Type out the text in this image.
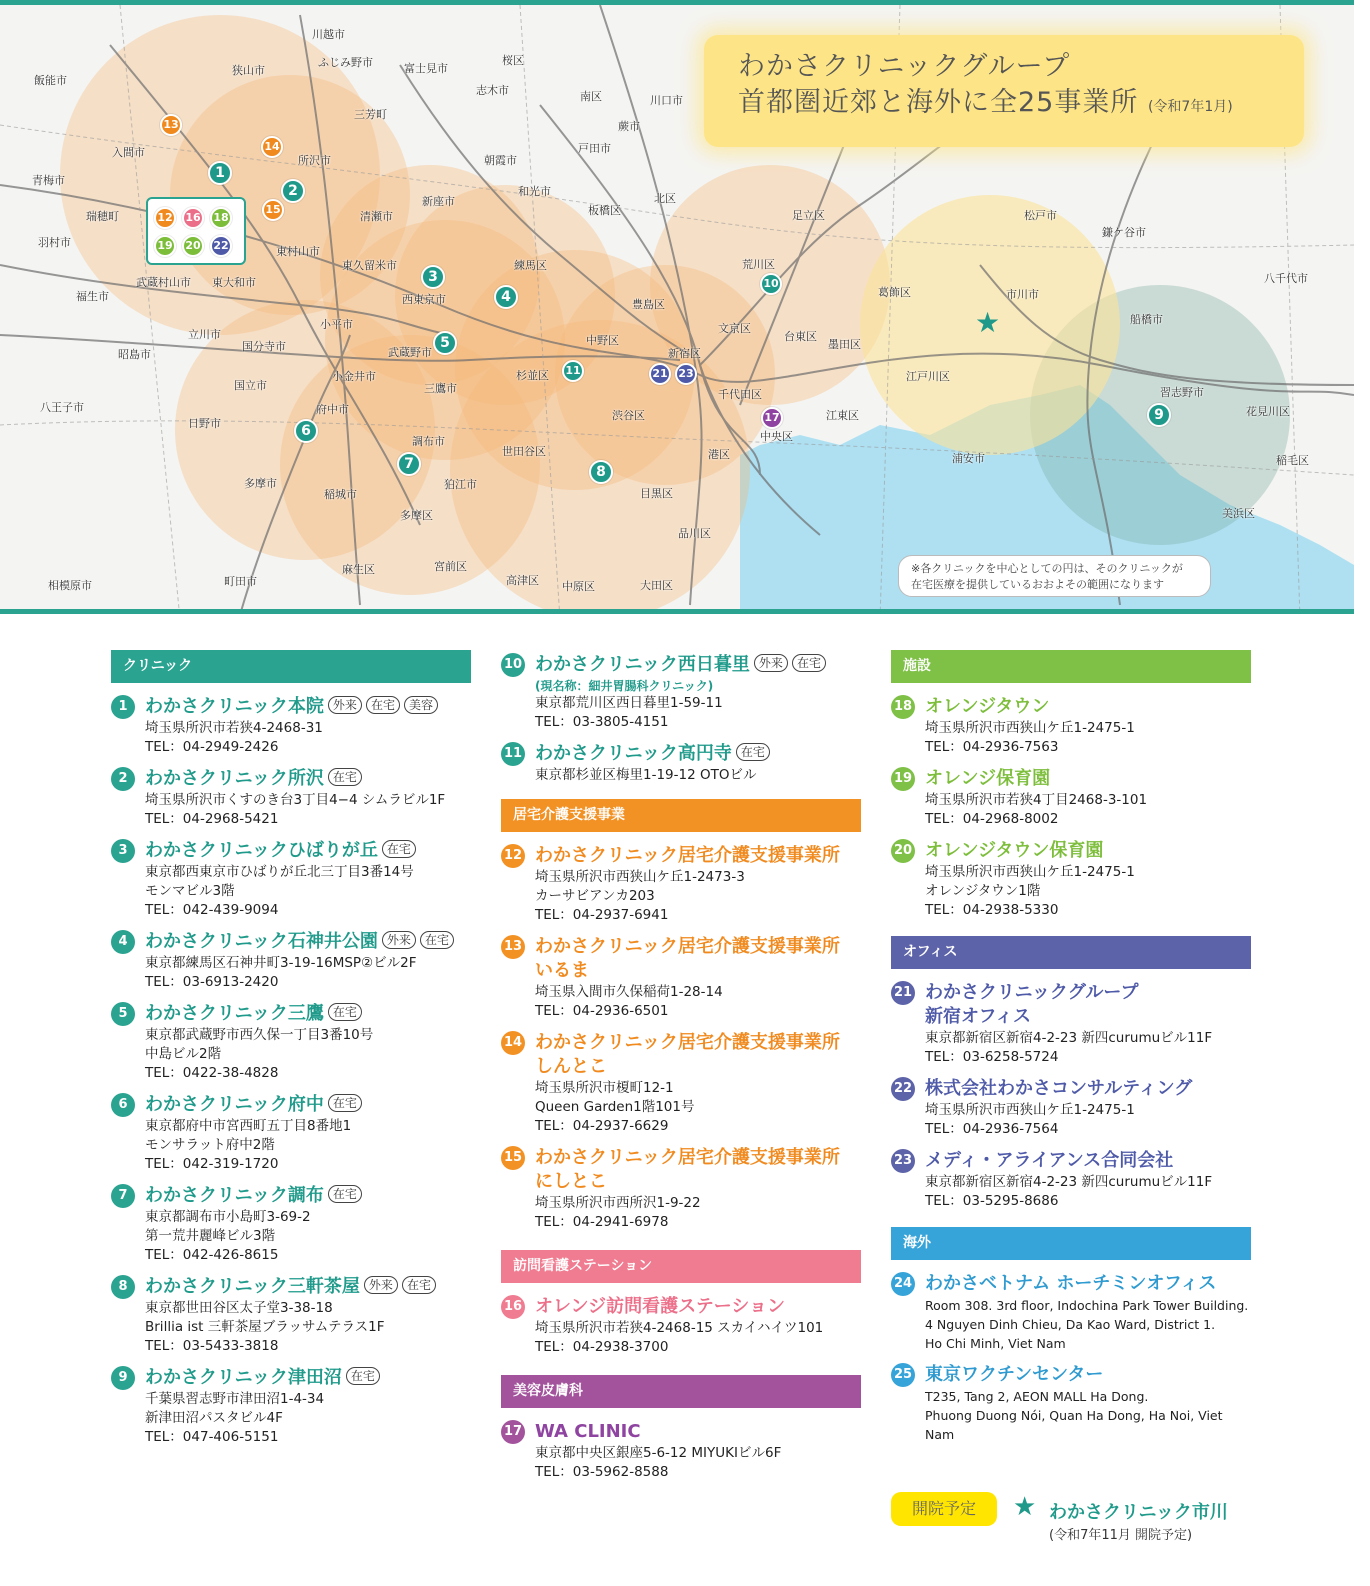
川越市
ふじみ野市	富士見市
桜区
飯能市
狭山市
三芳町
志木市	南区	川口市
蕨市
入間市
所沢市	朝霞市
戸田市
青梅市
瑞穂町	清瀬市
新座市
和光市
板橋区
北区
足立区	松戸市
鎌ケ谷市
羽村市
東村山市
東久留米市	練馬区	荒川区
葛飾区	市川市
八千代市
福生市
武蔵村山市 東大和市
西東京市	豊島区
船橋市
昭島市
立川市
小平市
中野区
文京区
台東区
墨田区
国分寺市	武蔵野市
杉並区
新宿区
千代田区
江戸川区
習志野市
八王子市
国立市
小金井市
三鷹市
府中市	渋谷区
中央区
江東区	花見川区
日野市
調布市
世田谷区	港区	浦安市	稲毛区
多摩市
稲城市
狛江市
目黒区
多摩区
品川区
美浜区
相模原市	町田市
麻生区	宮前区
高津区 中原区	大田区
わかさクリニックグループ
首都圏近郊と海外に全25事業所 (令和7年1月)
1
2
3
4
5
6
7	8
9
10
11
13
14
15
17
21 23
12	16	18
19	20	22
★
※各クリニックを中心としての円は、そのクリニックが
在宅医療を提供しているおおよその範囲になります
クリニック
1 わかさクリニック本院 外来 在宅 美容
埼玉県所沢市若狭4-2468-31
TEL：04-2949-2426
2 わかさクリニック所沢 在宅
埼玉県所沢市くすのき台3丁目4−4 シムラビル1F
TEL：04-2968-5421
3 わかさクリニックひばりが丘 在宅
東京都西東京市ひばりが丘北三丁目3番14号
モンマビル3階
TEL：042-439-9094
4 わかさクリニック石神井公園 外来 在宅
東京都練馬区石神井町3-19-16MSP②ビル2F
TEL：03-6913-2420
5 わかさクリニック三鷹 在宅
東京都武蔵野市西久保一丁目3番10号
中島ビル2階
TEL：0422-38-4828
6 わかさクリニック府中 在宅
東京都府中市宮西町五丁目8番地1
モンサラット府中2階
TEL：042-319-1720
7 わかさクリニック調布 在宅
東京都調布市小島町3-69-2
第一荒井麗峰ビル3階
TEL：042-426-8615
8 わかさクリニック三軒茶屋 外来 在宅
東京都世田谷区太子堂3-38-18
Brillia ist 三軒茶屋ブラッサムテラス1F
TEL：03-5433-3818
9 わかさクリニック津田沼 在宅
千葉県習志野市津田沼1-4-34
新津田沼パスタビル4F
TEL：047-406-5151
10 わかさクリニック西日暮里 外来 在宅
(現名称：細井胃腸科クリニック)
東京都荒川区西日暮里1-59-11
TEL：03-3805-4151
11 わかさクリニック高円寺 在宅
東京都杉並区梅里1-19-12 OTOビル
居宅介護支援事業
12 わかさクリニック居宅介護支援事業所
埼玉県所沢市西狭山ケ丘1-2473-3
カーサビアンカ203
TEL：04-2937-6941
13 わかさクリニック居宅介護支援事業所
いるま
埼玉県入間市久保稲荷1-28-14
TEL：04-2936-6501
14 わかさクリニック居宅介護支援事業所
しんとこ
埼玉県所沢市榎町12-1
Queen Garden1階101号
TEL：04-2937-6629
15 わかさクリニック居宅介護支援事業所
にしとこ
埼玉県所沢市西所沢1-9-22
TEL：04-2941-6978
訪問看護ステーション
16 オレンジ訪問看護ステーション
埼玉県所沢市若狭4-2468-15 スカイハイツ101
TEL：04-2938-3700
美容皮膚科
17 WA CLINIC
東京都中央区銀座5-6-12 MIYUKIビル6F
TEL：03-5962-8588
施設
18 オレンジタウン
埼玉県所沢市西狭山ケ丘1-2475-1
TEL：04-2936-7563
19 オレンジ保育園
埼玉県所沢市若狭4丁目2468-3-101
TEL：04-2968-8002
20 オレンジタウン保育園
埼玉県所沢市西狭山ケ丘1-2475-1
オレンジタウン1階
TEL：04-2938-5330
オフィス
21 わかさクリニックグループ
新宿オフィス
東京都新宿区新宿4-2-23 新四curumuビル11F
TEL：03-6258-5724
22 株式会社わかさコンサルティング
埼玉県所沢市西狭山ケ丘1-2475-1
TEL：04-2936-7564
23 メディ・アライアンス合同会社
東京都新宿区新宿4-2-23 新四curumuビル11F
TEL：03-5295-8686
海外
24 わかさベトナム ホーチミンオフィス
Room 308. 3rd floor, Indochina Park Tower Building.
4 Nguyen Dinh Chieu, Da Kao Ward, District 1.
Ho Chi Minh, Viet Nam
25 東京ワクチンセンター
T235, Tang 2, AEON MALL Ha Dong.
Phuong Duong Nói, Quan Ha Dong, Ha Noi, Viet Nam
開院予定	★ わかさクリニック市川
(令和7年11月 開院予定)
